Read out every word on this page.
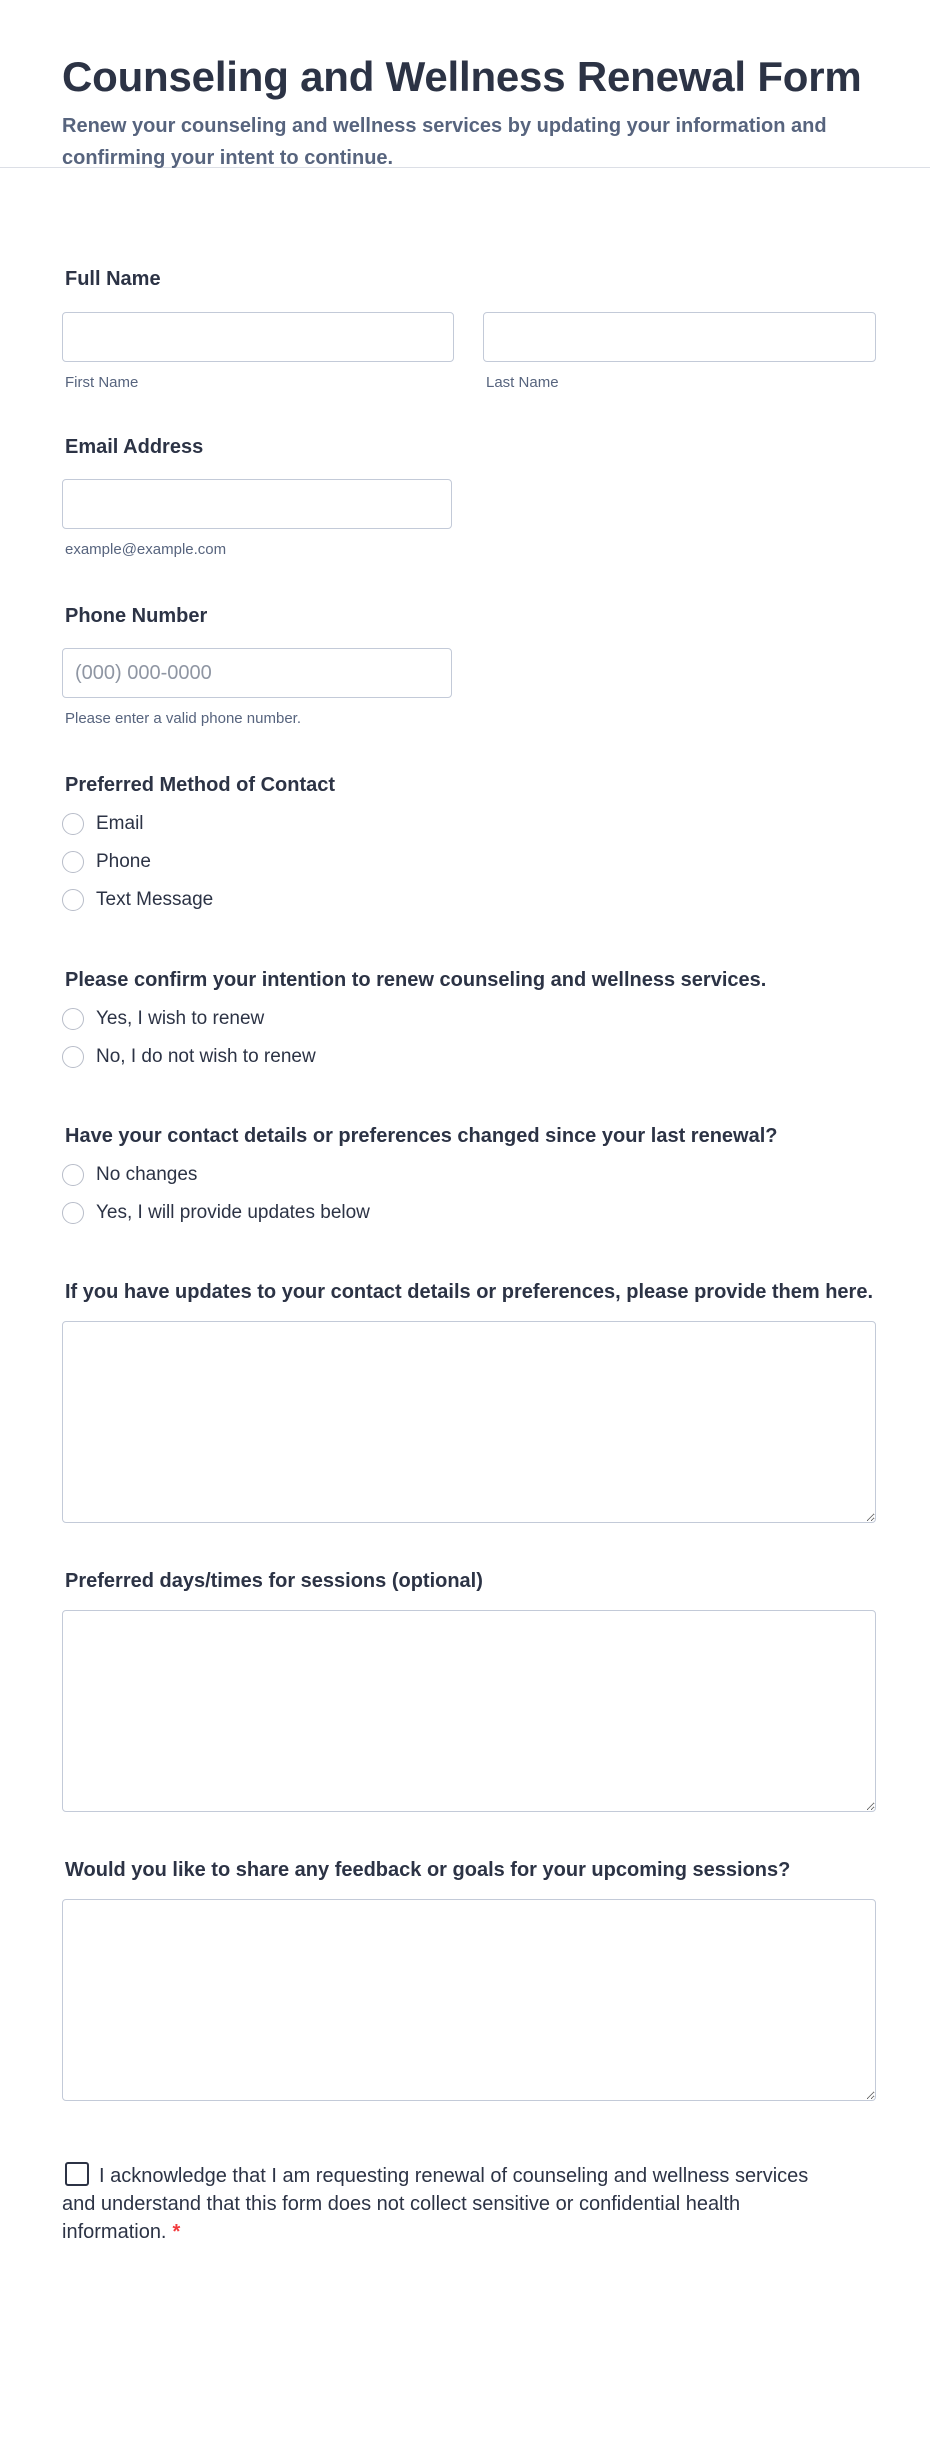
Counseling and Wellness Renewal Form
Renew your counseling and wellness services by updating your information and confirming your intent to continue.
Full Name
First Name	Last Name
Email Address
example@example.com
Phone Number
(000) 000-0000
Please enter a valid phone number.
Preferred Method of Contact
Email
Phone
Text Message
Please confirm your intention to renew counseling and wellness services.
Yes, I wish to renew
No, I do not wish to renew
Have your contact details or preferences changed since your last renewal?
No changes
Yes, I will provide updates below
If you have updates to your contact details or preferences, please provide them here.
Preferred days/times for sessions (optional)
Would you like to share any feedback or goals for your upcoming sessions?
I acknowledge that I am requesting renewal of counseling and wellness services and understand that this form does not collect sensitive or confidential health information. *
